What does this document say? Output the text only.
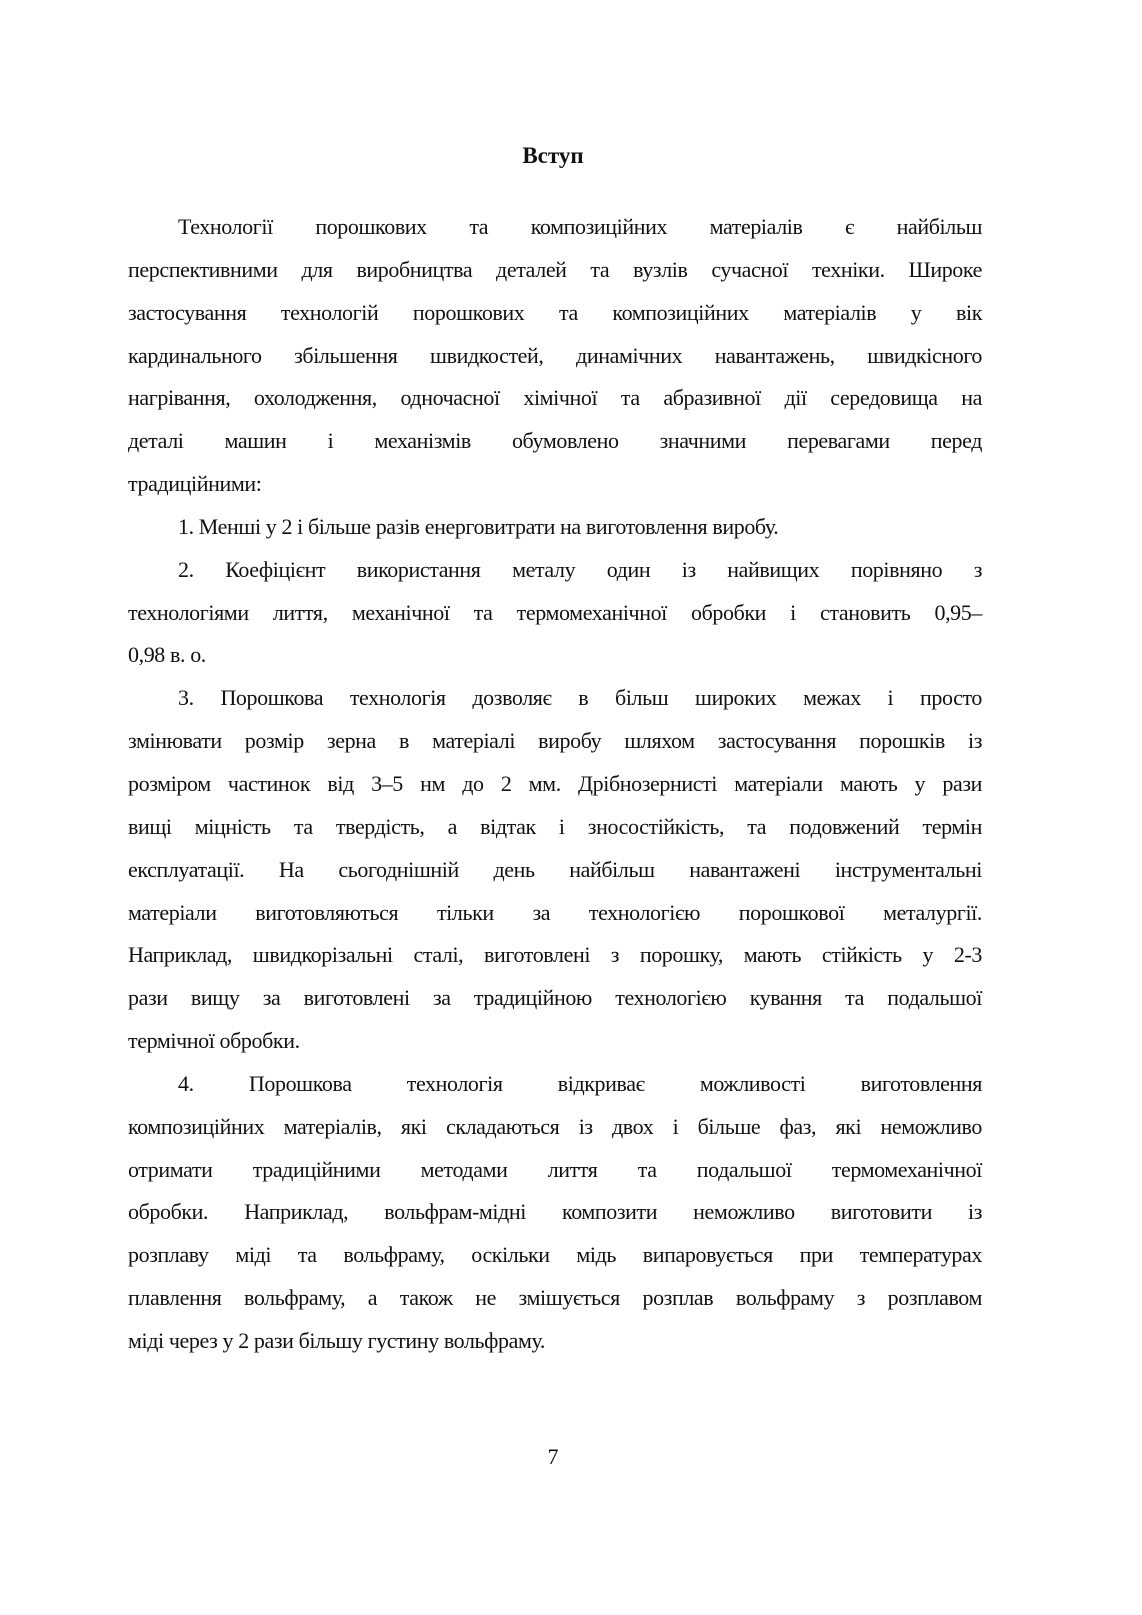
Вступ
Технології порошкових та композиційних матеріалів є найбільш
перспективними для виробництва деталей та вузлів сучасної техніки. Широке
застосування технологій порошкових та композиційних матеріалів у вік
кардинального збільшення швидкостей, динамічних навантажень, швидкісного
нагрівання, охолодження, одночасної хімічної та абразивної дії середовища на
деталі машин і механізмів обумовлено значними перевагами перед
традиційними:
1. Менші у 2 і більше разів енерговитрати на виготовлення виробу.
2. Коефіцієнт використання металу один із найвищих порівняно з
технологіями лиття, механічної та термомеханічної обробки і становить 0,95–
0,98 в. о.
3. Порошкова технологія дозволяє в більш широких межах і просто
змінювати розмір зерна в матеріалі виробу шляхом застосування порошків із
розміром частинок від 3–5 нм до 2 мм. Дрібнозернисті матеріали мають у рази
вищі міцність та твердість, а відтак і зносостійкість, та подовжений термін
експлуатації. На сьогоднішній день найбільш навантажені інструментальні
матеріали виготовляються тільки за технологією порошкової металургії.
Наприклад, швидкорізальні сталі, виготовлені з порошку, мають стійкість у 2-3
рази вищу за виготовлені за традиційною технологією кування та подальшої
термічної обробки.
4. Порошкова технологія відкриває можливості виготовлення
композиційних матеріалів, які складаються із двох і більше фаз, які неможливо
отримати традиційними методами лиття та подальшої термомеханічної
обробки. Наприклад, вольфрам-мідні композити неможливо виготовити із
розплаву міді та вольфраму, оскільки мідь випаровується при температурах
плавлення вольфраму, а також не змішується розплав вольфраму з розплавом
міді через у 2 рази більшу густину вольфраму.
7
